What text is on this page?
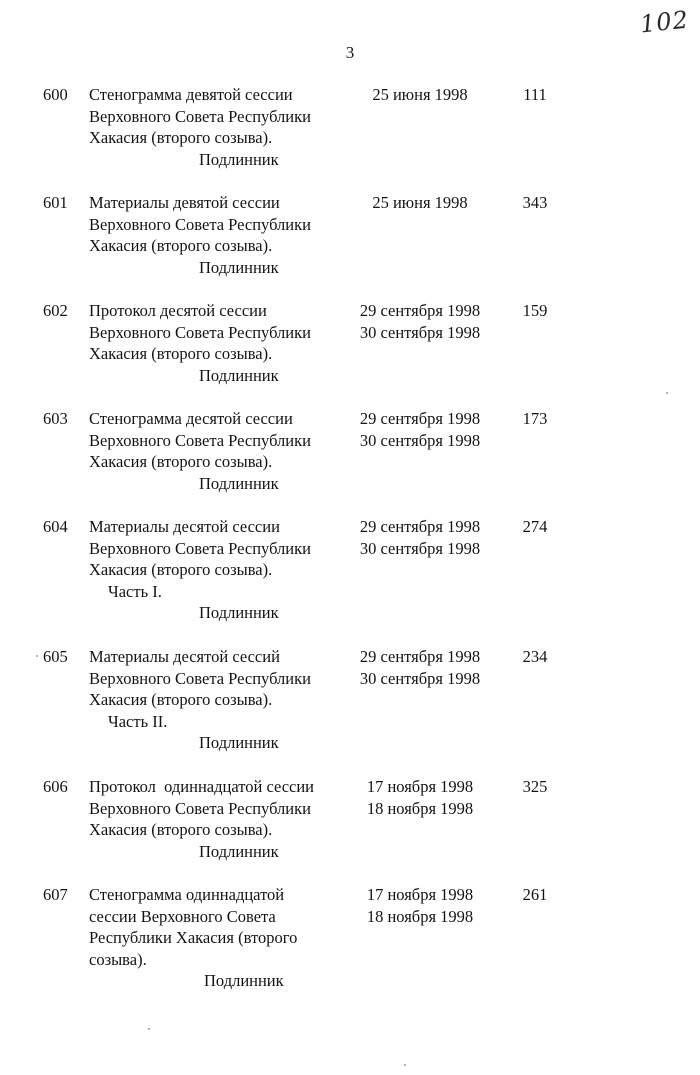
102
3
600 Стенограмма девятой сессии
Верховного Совета Республики
Хакасия (второго созыва).
Подлинник
25 июня 1998	111
601 Материалы девятой сессии
Верховного Совета Республики
Хакасия (второго созыва).
Подлинник
25 июня 1998	343
602 Протокол десятой сессии
Верховного Совета Республики
Хакасия (второго созыва).
Подлинник
29 сентября 1998
30 сентября 1998
159
603 Стенограмма десятой сессии
Верховного Совета Республики
Хакасия (второго созыва).
Подлинник
29 сентября 1998
30 сентября 1998
173
604 Материалы десятой сессии
Верховного Совета Республики
Хакасия (второго созыва).
Часть I.
Подлинник
29 сентября 1998
30 сентября 1998
274
605 Материалы десятой сессий
Верховного Совета Республики
Хакасия (второго созыва).
Часть II.
Подлинник
29 сентября 1998
30 сентября 1998
234
606 Протокол  одиннадцатой сессии
Верховного Совета Республики
Хакасия (второго созыва).
Подлинник
17 ноября 1998
18 ноября 1998
325
607 Стенограмма одиннадцатой
сессии Верховного Совета
Республики Хакасия (второго
созыва).
Подлинник
17 ноября 1998
18 ноября 1998
261
